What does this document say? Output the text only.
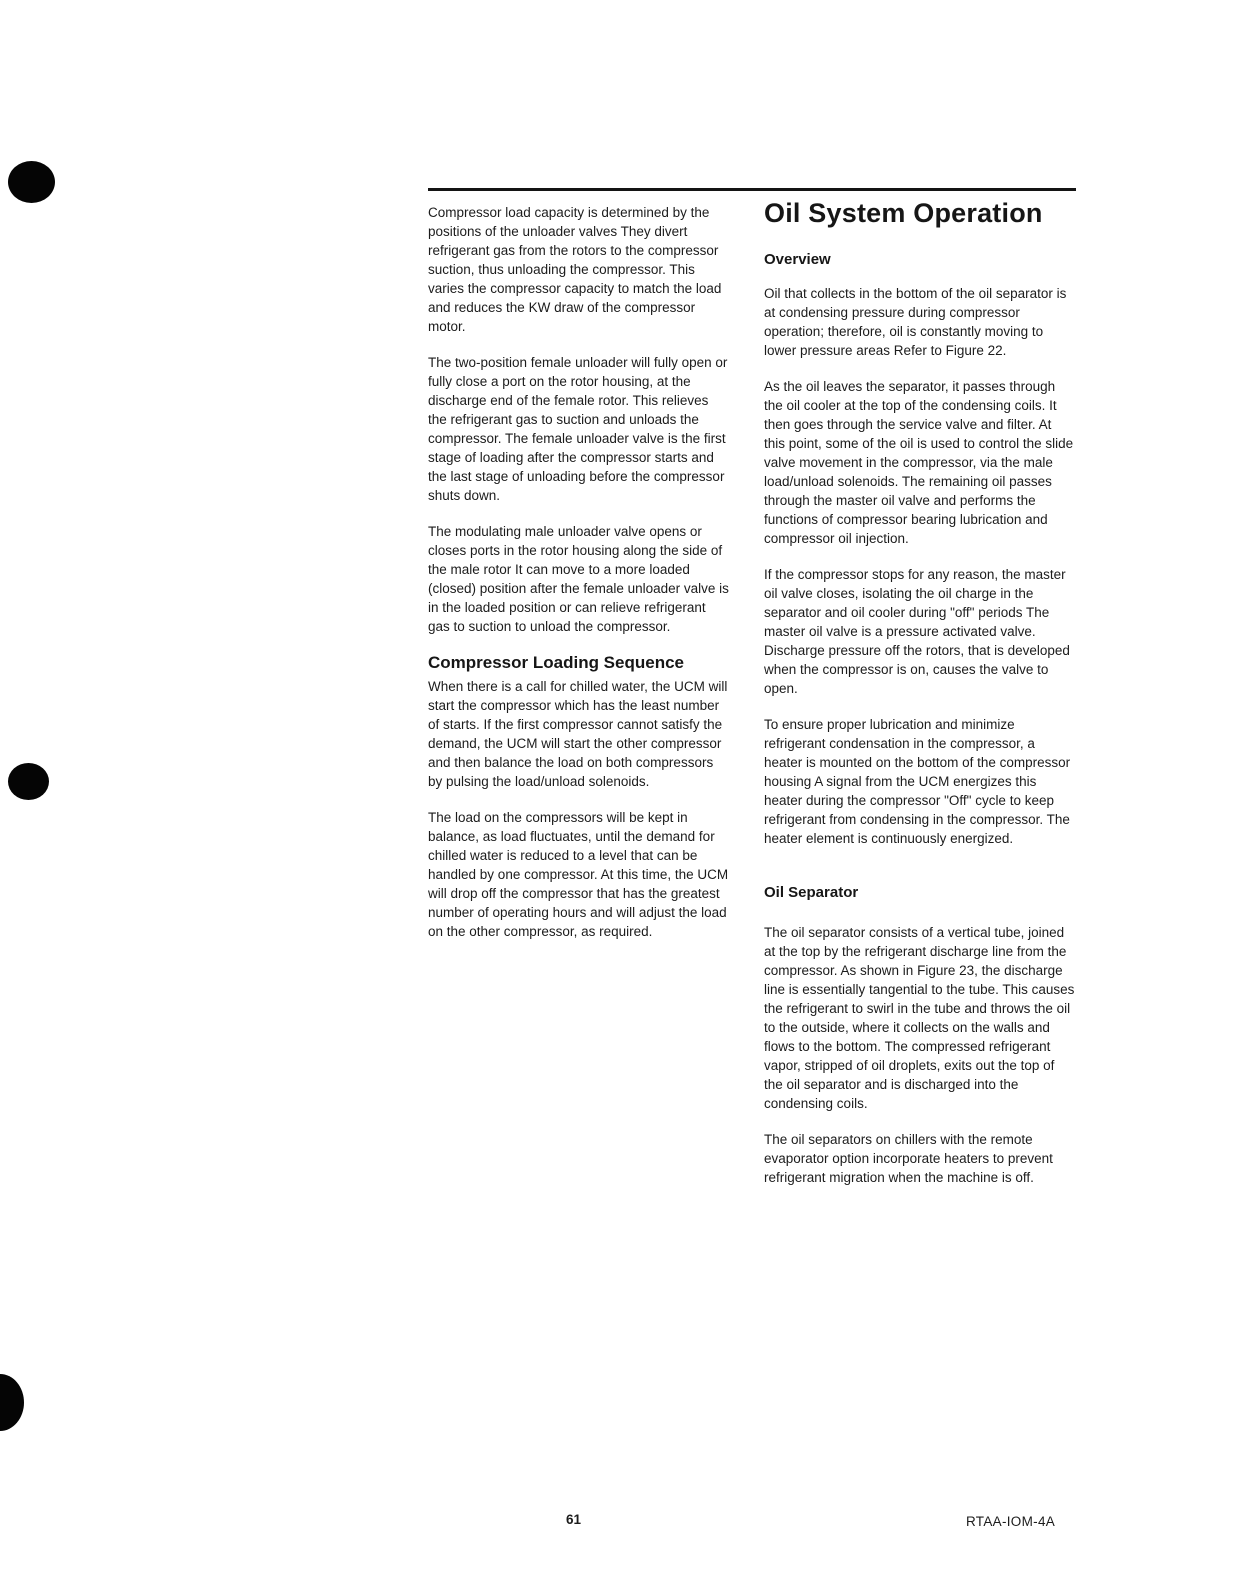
Compressor load capacity is determined by the positions of the unloader valves They divert refrigerant gas from the rotors to the compressor suction, thus unloading the compressor. This varies the compressor capacity to match the load and reduces the KW draw of the compressor motor.

The two-position female unloader will fully open or fully close a port on the rotor housing, at the discharge end of the female rotor. This relieves the refrigerant gas to suction and unloads the compressor. The female unloader valve is the first stage of loading after the compressor starts and the last stage of unloading before the compressor shuts down.

The modulating male unloader valve opens or closes ports in the rotor housing along the side of the male rotor It can move to a more loaded (closed) position after the female unloader valve is in the loaded position or can relieve refrigerant gas to suction to unload the compressor.

Compressor Loading Sequence

When there is a call for chilled water, the UCM will start the compressor which has the least number of starts. If the first compressor cannot satisfy the demand, the UCM will start the other compressor and then balance the load on both compressors by pulsing the load/unload solenoids.

The load on the compressors will be kept in balance, as load fluctuates, until the demand for chilled water is reduced to a level that can be handled by one compressor. At this time, the UCM will drop off the compressor that has the greatest number of operating hours and will adjust the load on the other compressor, as required.

Oil System Operation
Overview

Oil that collects in the bottom of the oil separator is at condensing pressure during compressor operation; therefore, oil is constantly moving to lower pressure areas Refer to Figure 22.

As the oil leaves the separator, it passes through the oil cooler at the top of the condensing coils. It then goes through the service valve and filter. At this point, some of the oil is used to control the slide valve movement in the compressor, via the male load/unload solenoids. The remaining oil passes through the master oil valve and performs the functions of compressor bearing lubrication and compressor oil injection.

If the compressor stops for any reason, the master oil valve closes, isolating the oil charge in the separator and oil cooler during "off" periods The master oil valve is a pressure activated valve. Discharge pressure off the rotors, that is developed when the compressor is on, causes the valve to open.

To ensure proper lubrication and minimize refrigerant condensation in the compressor, a heater is mounted on the bottom of the compressor housing A signal from the UCM energizes this heater during the compressor "Off" cycle to keep refrigerant from condensing in the compressor. The heater element is continuously energized.

Oil Separator

The oil separator consists of a vertical tube, joined at the top by the refrigerant discharge line from the compressor. As shown in Figure 23, the discharge line is essentially tangential to the tube. This causes the refrigerant to swirl in the tube and throws the oil to the outside, where it collects on the walls and flows to the bottom. The compressed refrigerant vapor, stripped of oil droplets, exits out the top of the oil separator and is discharged into the condensing coils.

The oil separators on chillers with the remote evaporator option incorporate heaters to prevent refrigerant migration when the machine is off.

61	RTAA-IOM-4A
